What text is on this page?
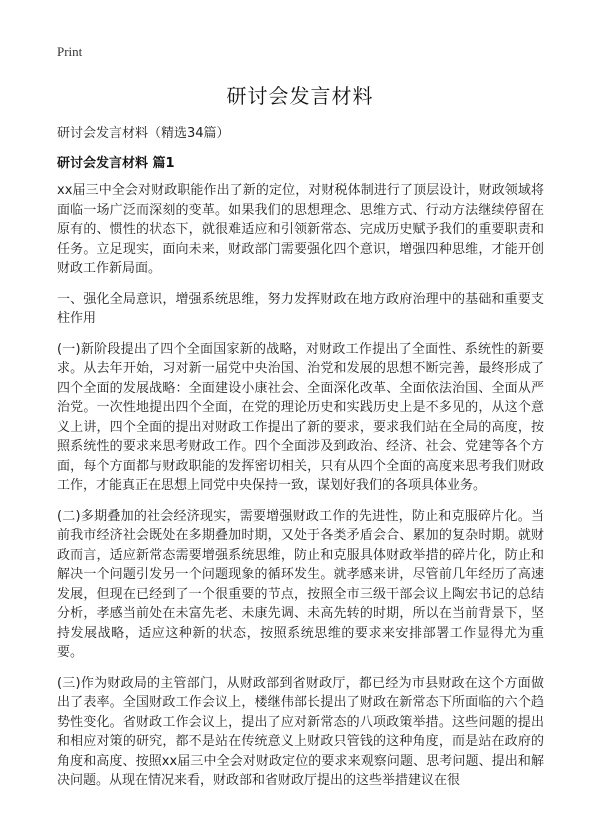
Print
研讨会发言材料
研讨会发言材料（精选34篇）
研讨会发言材料 篇1

xx届三中全会对财政职能作出了新的定位，对财税体制进行了顶层设计，财政领域将面临一场广泛而深刻的变革。如果我们的思想理念、思维方式、行动方法继续停留在原有的、惯性的状态下，就很难适应和引领新常态、完成历史赋予我们的重要职责和任务。立足现实，面向未来，财政部门需要强化四个意识，增强四种思维，才能开创财政工作新局面。

一、强化全局意识，增强系统思维，努力发挥财政在地方政府治理中的基础和重要支柱作用

(一)新阶段提出了四个全面国家新的战略，对财政工作提出了全面性、系统性的新要求。从去年开始，习对新一届党中央治国、治党和发展的思想不断完善，最终形成了四个全面的发展战略：全面建设小康社会、全面深化改革、全面依法治国、全面从严治党。一次性地提出四个全面，在党的理论历史和实践历史上是不多见的，从这个意义上讲，四个全面的提出对财政工作提出了新的要求，要求我们站在全局的高度，按照系统性的要求来思考财政工作。四个全面涉及到政治、经济、社会、党建等各个方面，每个方面都与财政职能的发挥密切相关，只有从四个全面的高度来思考我们财政工作，才能真正在思想上同党中央保持一致，谋划好我们的各项具体业务。

(二)多期叠加的社会经济现实，需要增强财政工作的先进性，防止和克服碎片化。当前我市经济社会既处在多期叠加时期，又处于各类矛盾会合、累加的复杂时期。就财政而言，适应新常态需要增强系统思维，防止和克服具体财政举措的碎片化，防止和解决一个问题引发另一个问题现象的循环发生。就孝感来讲，尽管前几年经历了高速发展，但现在已经到了一个很重要的节点，按照全市三级干部会议上陶宏书记的总结分析，孝感当前处在未富先老、未康先调、未高先转的时期，所以在当前背景下，坚持发展战略，适应这种新的状态，按照系统思维的要求来安排部署工作显得尤为重要。

(三)作为财政局的主管部门，从财政部到省财政厅，都已经为市县财政在这个方面做出了表率。全国财政工作会议上，楼继伟部长提出了财政在新常态下所面临的六个趋势性变化。省财政工作会议上，提出了应对新常态的八项政策举措。这些问题的提出和相应对策的研究，都不是站在传统意义上财政只管钱的这种角度，而是站在政府的角度和高度、按照xx届三中全会对财政定位的要求来观察问题、思考问题、提出和解决问题。从现在情况来看，财政部和省财政厅提出的这些举措建议在很
